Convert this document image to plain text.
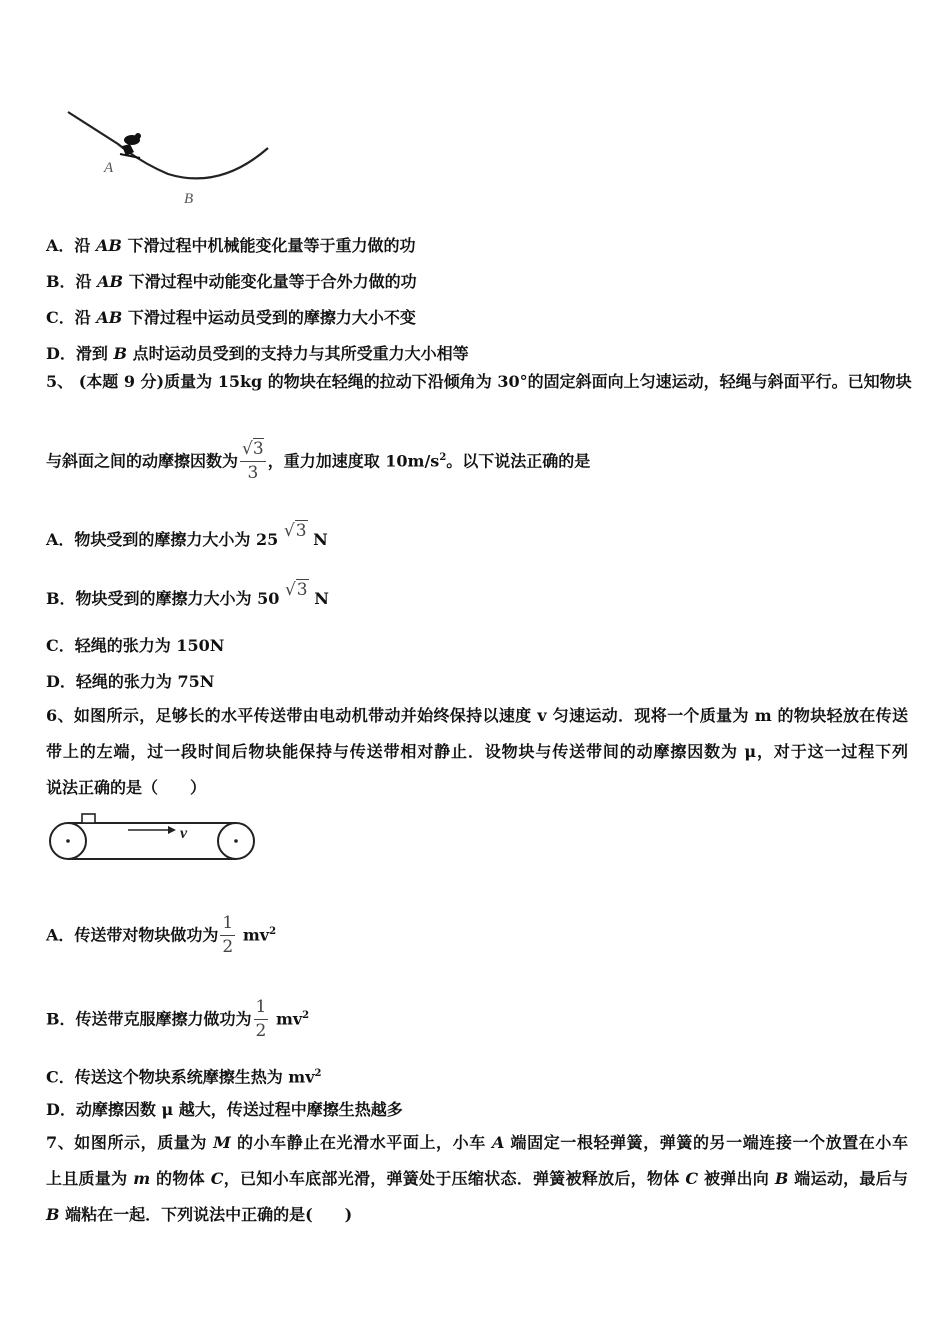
A
B
A．沿 AB 下滑过程中机械能变化量等于重力做的功
B．沿 AB 下滑过程中动能变化量等于合外力做的功
C．沿 AB 下滑过程中运动员受到的摩擦力大小不变
D．滑到 B 点时运动员受到的支持力与其所受重力大小相等
5、 (本题 9 分)质量为 15kg 的物块在轻绳的拉动下沿倾角为 30°的固定斜面向上匀速运动，轻绳与斜面平行。已知物块
与斜面之间的动摩擦因数为 $\frac{√3}{3}$ ，重力加速度取 $10m/s^2$。以下说法正确的是
A．物块受到的摩擦力大小为 25 √3 N
B．物块受到的摩擦力大小为 50 √3 N
C．轻绳的张力为 150N
D．轻绳的张力为 75N
6、如图所示，足够长的水平传送带由电动机带动并始终保持以速度 v 匀速运动．现将一个质量为 m 的物块轻放在传送
带上的左端，过一段时间后物块能保持与传送带相对静止．设物块与传送带间的动摩擦因数为 μ，对于这一过程下列
说法正确的是（　　）
v
A．传送带对物块做功为 $\frac{1}{2} mv^2$
B．传送带克服摩擦力做功为 $\frac{1}{2} mv^2$
C．传送这个物块系统摩擦生热为 $mv^2$
D．动摩擦因数 μ 越大，传送过程中摩擦生热越多
7、如图所示，质量为 M 的小车静止在光滑水平面上，小车 A 端固定一根轻弹簧，弹簧的另一端连接一个放置在小车
上且质量为 m 的物体 C，已知小车底部光滑，弹簧处于压缩状态．弹簧被释放后，物体 C 被弹出向 B 端运动，最后与
B 端粘在一起．下列说法中正确的是(　　)
